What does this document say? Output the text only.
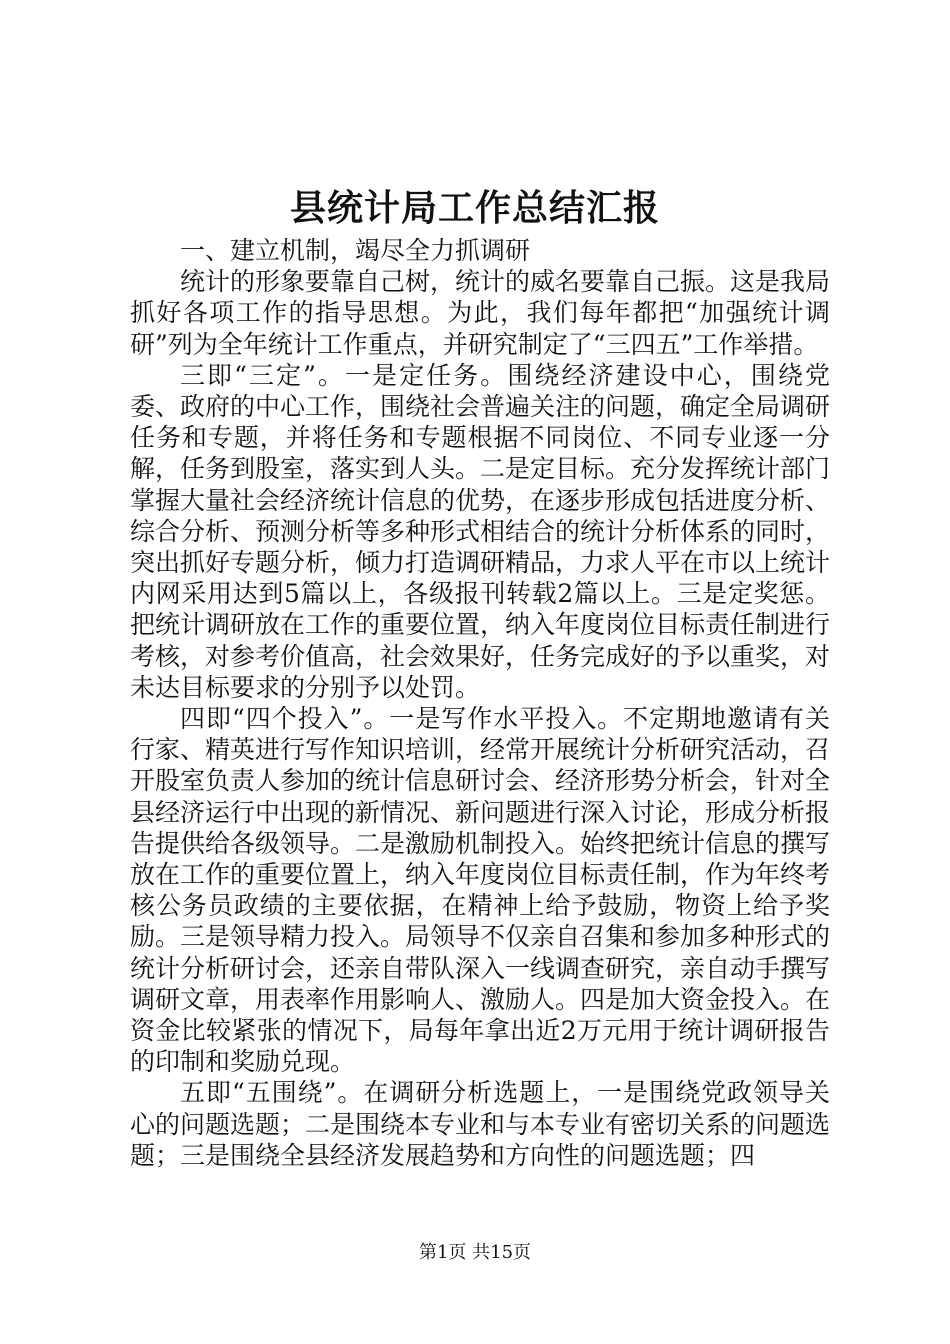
县统计局工作总结汇报

一、建立机制，竭尽全力抓调研

统计的形象要靠自己树，统计的威名要靠自己振。这是我局抓好各项工作的指导思想。为此，我们每年都把“加强统计调研”列为全年统计工作重点，并研究制定了“三四五”工作举措。

三即“三定”。一是定任务。围绕经济建设中心，围绕党委、政府的中心工作，围绕社会普遍关注的问题，确定全局调研任务和专题，并将任务和专题根据不同岗位、不同专业逐一分解，任务到股室，落实到人头。二是定目标。充分发挥统计部门掌握大量社会经济统计信息的优势，在逐步形成包括进度分析、综合分析、预测分析等多种形式相结合的统计分析体系的同时，突出抓好专题分析，倾力打造调研精品，力求人平在市以上统计内网采用达到5篇以上，各级报刊转载2篇以上。三是定奖惩。把统计调研放在工作的重要位置，纳入年度岗位目标责任制进行考核，对参考价值高，社会效果好，任务完成好的予以重奖，对未达目标要求的分别予以处罚。

四即“四个投入”。一是写作水平投入。不定期地邀请有关行家、精英进行写作知识培训，经常开展统计分析研究活动，召开股室负责人参加的统计信息研讨会、经济形势分析会，针对全县经济运行中出现的新情况、新问题进行深入讨论，形成分析报告提供给各级领导。二是激励机制投入。始终把统计信息的撰写放在工作的重要位置上，纳入年度岗位目标责任制，作为年终考核公务员政绩的主要依据，在精神上给予鼓励，物资上给予奖励。三是领导精力投入。局领导不仅亲自召集和参加多种形式的统计分析研讨会，还亲自带队深入一线调查研究，亲自动手撰写调研文章，用表率作用影响人、激励人。四是加大资金投入。在资金比较紧张的情况下，局每年拿出近2万元用于统计调研报告的印制和奖励兑现。

五即“五围绕”。在调研分析选题上，一是围绕党政领导关心的问题选题；二是围绕本专业和与本专业有密切关系的问题选题；三是围绕全县经济发展趋势和方向性的问题选题；四

第1页 共15页
